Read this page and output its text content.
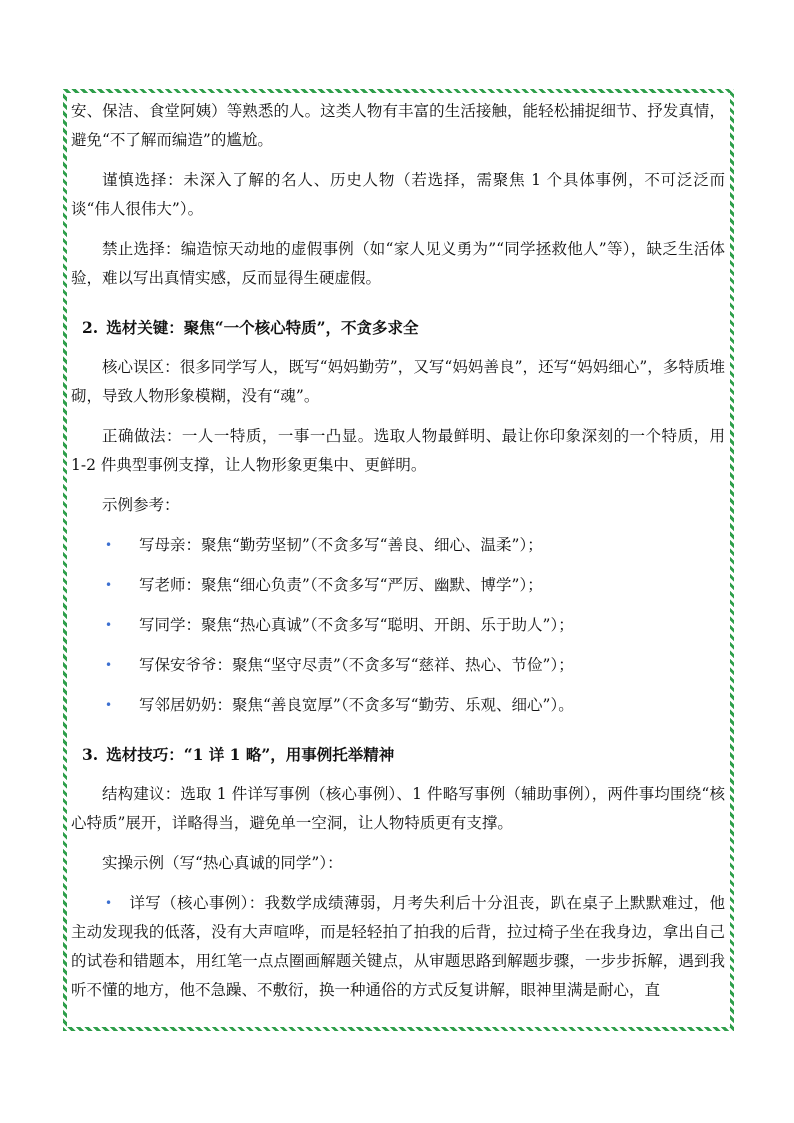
安、保洁、食堂阿姨）等熟悉的人。这类人物有丰富的生活接触，能轻松捕捉细节、抒发真情，避免“不了解而编造”的尴尬。

谨慎选择：未深入了解的名人、历史人物（若选择，需聚焦 1 个具体事例，不可泛泛而谈“伟人很伟大”）。

禁止选择：编造惊天动地的虚假事例（如“家人见义勇为”“同学拯救他人”等），缺乏生活体验，难以写出真情实感，反而显得生硬虚假。

2. 选材关键：聚焦“一个核心特质”，不贪多求全

核心误区：很多同学写人，既写“妈妈勤劳”，又写“妈妈善良”，还写“妈妈细心”，多特质堆砌，导致人物形象模糊，没有“魂”。

正确做法：一人一特质，一事一凸显。选取人物最鲜明、最让你印象深刻的一个特质，用 1-2 件典型事例支撑，让人物形象更集中、更鲜明。

示例参考：

• 写母亲：聚焦“勤劳坚韧”（不贪多写“善良、细心、温柔”）；
• 写老师：聚焦“细心负责”（不贪多写“严厉、幽默、博学”）；
• 写同学：聚焦“热心真诚”（不贪多写“聪明、开朗、乐于助人”）；
• 写保安爷爷：聚焦“坚守尽责”（不贪多写“慈祥、热心、节俭”）；
• 写邻居奶奶：聚焦“善良宽厚”（不贪多写“勤劳、乐观、细心”）。
3. 选材技巧：“1 详 1 略”，用事例托举精神

结构建议：选取 1 件详写事例（核心事例）、1 件略写事例（辅助事例），两件事均围绕“核心特质”展开，详略得当，避免单一空洞，让人物特质更有支撑。

实操示例（写“热心真诚的同学”）：

• 详写（核心事例）：我数学成绩薄弱，月考失利后十分沮丧，趴在桌子上默默难过，他主动发现我的低落，没有大声喧哗，而是轻轻拍了拍我的后背，拉过椅子坐在我身边，拿出自己的试卷和错题本，用红笔一点点圈画解题关键点，从审题思路到解题步骤，一步步拆解，遇到我听不懂的地方，他不急躁、不敷衍，换一种通俗的方式反复讲解，眼神里满是耐心，直
